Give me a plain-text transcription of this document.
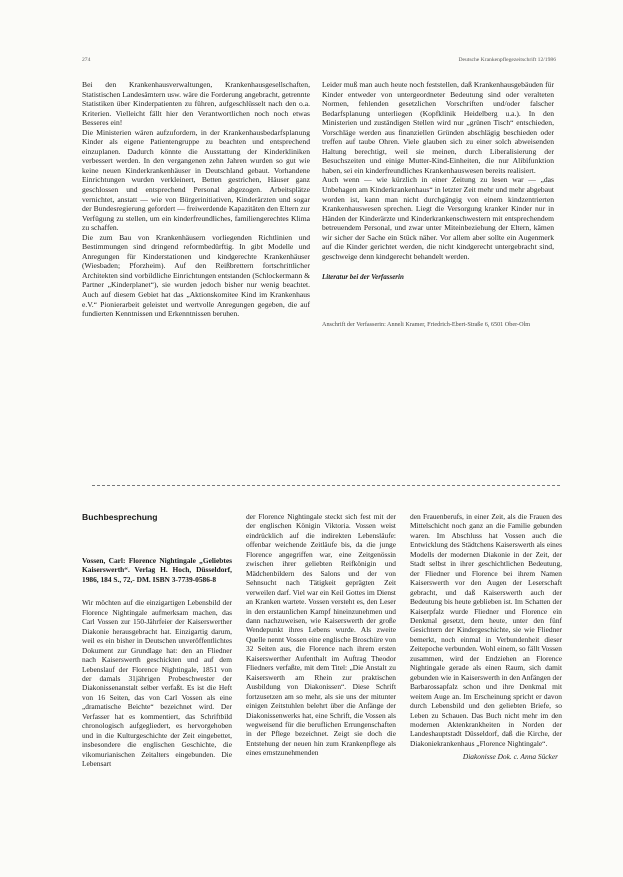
274	Deutsche Krankenpflegezeitschrift 12/1986

Bei den Krankenhausverwaltungen, Krankenhausgesellschaften, Statistischen Landesämtern usw. wäre die Forderung angebracht, getrennte Statistiken über Kinderpatienten zu führen, aufgeschlüsselt nach den o.a. Kriterien. Vielleicht fällt hier den Verantwortlichen noch noch etwas Besseres ein!

Die Ministerien wären aufzufordern, in der Krankenhausbedarfsplanung Kinder als eigene Patientengruppe zu beachten und entsprechend einzuplanen. Dadurch könnte die Ausstattung der Kinderkliniken verbessert werden. In den vergangenen zehn Jahren wurden so gut wie keine neuen Kinderkrankenhäuser in Deutschland gebaut. Vorhandene Einrichtungen wurden verkleinert, Betten gestrichen, Häuser ganz geschlossen und entsprechend Personal abgezogen. Arbeitsplätze vernichtet, anstatt — wie von Bürgerinitiativen, Kinderärzten und sogar der Bundesregierung gefordert — freiwerdende Kapazitäten den Eltern zur Verfügung zu stellen, um ein kinderfreundliches, familiengerechtes Klima zu schaffen.

Die zum Bau von Krankenhäusern vorliegenden Richtlinien und Bestimmungen sind dringend reformbedürftig. In gibt Modelle und Anregungen für Kinderstationen und kindgerechte Krankenhäuser (Wiesbaden; Pforzheim). Auf den Reißbrettern fortschrittlicher Architekten sind vorbildliche Einrichtungen entstanden (Schlockermann & Partner „Kinderplanet“), sie wurden jedoch bisher nur wenig beachtet. Auch auf diesem Gebiet hat das „Aktionskomitee Kind im Krankenhaus e.V.“ Pionierarbeit geleistet und wertvolle Anregungen gegeben, die auf fundierten Kenntnissen und Erkenntnissen beruhen.

Leider muß man auch heute noch feststellen, daß Krankenhausgebäuden für Kinder entweder von untergeordneter Bedeutung sind oder veralteten Normen, fehlenden gesetzlichen Vorschriften und/oder falscher Bedarfsplanung unterliegen (Kopfklinik Heidelberg u.a.). In den Ministerien und zuständigen Stellen wird nur „grünen Tisch“ entschieden, Vorschläge werden aus finanziellen Gründen abschlägig beschieden oder treffen auf taube Ohren. Viele glauben sich zu einer solch abweisenden Haltung berechtigt, weil sie meinen, durch Liberalisierung der Besuchszeiten und einige Mutter-Kind-Einheiten, die nur Alibifunktion haben, sei ein kinderfreundliches Krankenhauswesen bereits realisiert.

Auch wenn — wie kürzlich in einer Zeitung zu lesen war — „das Unbehagen am Kinderkrankenhaus“ in letzter Zeit mehr und mehr abgebaut worden ist, kann man nicht durchgängig von einem kindzentrierten Krankenhauswesen sprechen. Liegt die Versorgung kranker Kinder nur in Händen der Kinderärzte und Kinderkrankenschwestern mit entsprechendem betreuendem Personal, und zwar unter Miteinbeziehung der Eltern, kämen wir sicher der Sache ein Stück näher. Vor allem aber sollte ein Augenmerk auf die Kinder gerichtet werden, die nicht kindgerecht untergebracht sind, geschweige denn kindgerecht behandelt werden.

Literatur bei der Verfasserin

Anschrift der Verfasserin: Anneli Kramer, Friedrich-Ebert-Straße 6, 6501 Ober-Olm

Buchbesprechung

Vossen, Carl: Florence Nightingale „Geliebtes Kaiserswerth“. Verlag H. Hoch, Düsseldorf, 1986, 184 S., 72,- DM. ISBN 3-7739-0586-8

Wir möchten auf die einzigartigen Lebensbild der Florence Nightingale aufmerksam machen, das Carl Vossen zur 150-Jährfeier der Kaiserswerther Diakonie herausgebracht hat. Einzigartig darum, weil es ein bisher in Deutschen unveröffentlichtes Dokument zur Grundlage hat: den an Fliedner nach Kaiserswerth geschickten und auf dem Lebenslauf der Florence Nightingale, 1851 von der damals 31jährigen Probeschwester der Diakonissenanstalt selber verfaßt. Es ist die Heft von 16 Seiten, das von Carl Vossen als eine „dramatische Beichte“ bezeichnet wird. Der Verfasser hat es kommentiert, das Schriftbild chronologisch aufgegliedert, es hervorgehoben und in die Kulturgeschichte der Zeit eingebettet, insbesondere die englischen Geschichte, die vikomurianischen Zeitalters eingebunden. Die Lebensart

der Florence Nightingale steckt sich fest mit der der englischen Königin Viktoria. Vossen weist eindrücklich auf die indirekten Lebensläufe: offenbar weichende Zeitläufe bis, da die junge Florence angegriffen war, eine Zeitgenössin zwischen ihrer geliebten Reifkönigin und Mädchenbildern des Salons und der von Sehnsucht nach Tätigkeit geprägten Zeit verweilen darf. Viel war ein Keil Gottes im Dienst an Kranken wartete. Vossen versteht es, den Leser in den erstaunlichen Kampf hineinzunehmen und dann nachzuweisen, wie Kaiserswerth der große Wendepunkt ihres Lebens wurde. Als zweite Quelle nennt Vossen eine englische Broschüre von 32 Seiten aus, die Florence nach ihrem ersten Kaiserswerther Aufenthalt im Auftrag Theodor Fliedners verfaßte, mit dem Titel: „Die Anstalt zu Kaiserswerth am Rhein zur praktischen Ausbildung von Diakonissen“. Diese Schrift fortzusetzen am so mehr, als sie uns der mitunter einigen Zeitstuhlen belehrt über die Anfänge der Diakonissenwerks hat, eine Schrift, die Vossen als wegweisend für die beruflichen Errungenschaften in der Pflege bezeichnet. Zeigt sie doch die Entstehung der neuen hin zum Krankenpflege als eines ernstzunehmenden

den Frauenberufs, in einer Zeit, als die Frauen des Mittelschicht noch ganz an die Familie gebunden waren. Im Abschluss hat Vossen auch die Entwicklung des Städtchens Kaiserswerth als eines Modells der modernen Diakonie in der Zeit, der Stadt selbst in ihrer geschichtlichen Bedeutung, der Fliedner und Florence bei ihrem Namen Kaiserswerth vor den Augen der Leserschaft gebracht, und daß Kaiserswerth auch der Bedeutung bis heute geblieben ist. Im Schatten der Kaiserpfalz wurde Fliedner und Florence ein Denkmal gesetzt, dem heute, unter den fünf Gesichtern der Kindergeschichte, sie wie Fliedner bemerkt, noch einmal in Verbundenheit dieser Zeitepoche verbunden. Wohl einem, so fällt Vossen zusammen, wird der Endziehen an Florence Nightingale gerade als einen Raum, sich damit gebunden wie in Kaiserswerth in den Anfängen der Barbarossapfalz schon und ihre Denkmal mit weitem Auge an. Im Erscheinung spricht er davon durch Lebensbild und den geliebten Briefe, so Leben zu Schauen. Das Buch nicht mehr im den modernen Aktenkrankheiten in Norden der Landeshauptstadt Düsseldorf, daß die Kirche, der Diakoniekrankenhaus „Florence Nightingale“.

Diakonisse Dok. c. Anna Sücker
